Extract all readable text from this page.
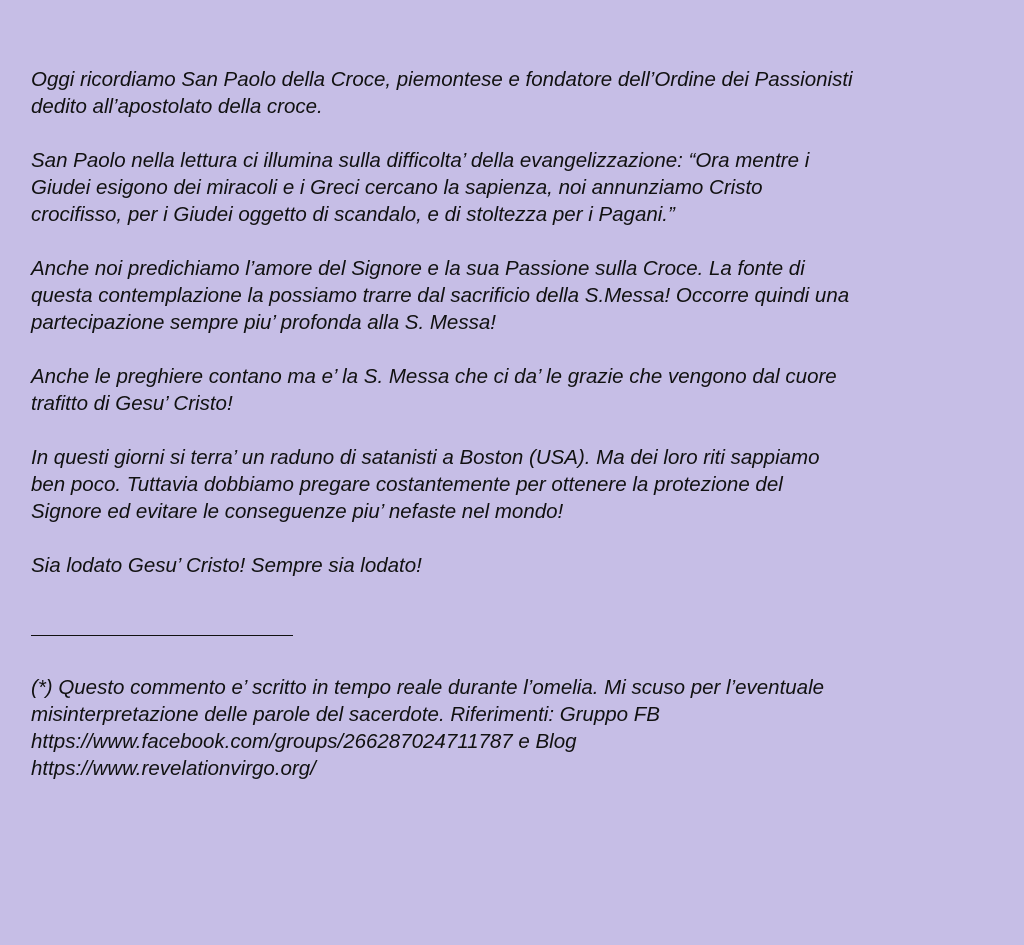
Oggi ricordiamo San Paolo della Croce, piemontese e fondatore dell’Ordine dei Passionisti
dedito all’apostolato della croce.

San Paolo nella lettura ci illumina sulla difficolta’ della evangelizzazione: “Ora mentre i
Giudei esigono dei miracoli e i Greci cercano la sapienza, noi annunziamo Cristo
crocifisso, per i Giudei oggetto di scandalo, e di stoltezza per i Pagani.”

Anche noi predichiamo l’amore del Signore e la sua Passione sulla Croce. La fonte di
questa contemplazione la possiamo trarre dal sacrificio della S.Messa! Occorre quindi una
partecipazione sempre piu’ profonda alla S. Messa!

Anche le preghiere contano ma e’ la S. Messa che ci da’ le grazie che vengono dal cuore
trafitto di Gesu’ Cristo!

In questi giorni si terra’ un raduno di satanisti a Boston (USA). Ma dei loro riti sappiamo
ben poco. Tuttavia dobbiamo pregare costantemente per ottenere la protezione del
Signore ed evitare le conseguenze piu’ nefaste nel mondo!

Sia lodato Gesu’ Cristo! Sempre sia lodato!

(*) Questo commento e’ scritto in tempo reale durante l’omelia. Mi scuso per l’eventuale
misinterpretazione delle parole del sacerdote. Riferimenti: Gruppo FB
https://www.facebook.com/groups/266287024711787 e Blog
https://www.revelationvirgo.org/
